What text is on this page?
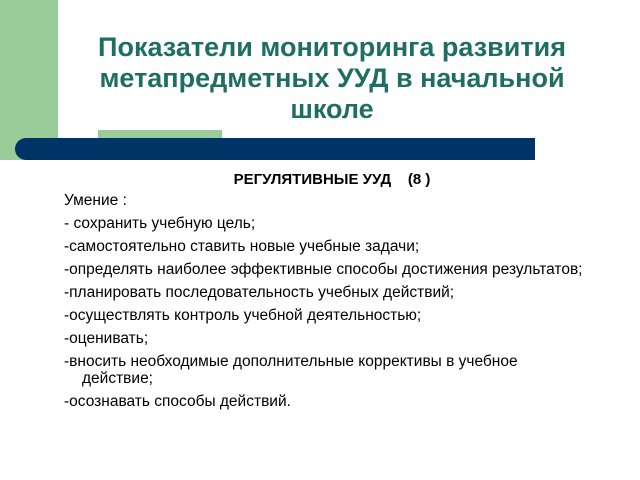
Показатели мониторинга развития метапредметных УУД в начальной школе
РЕГУЛЯТИВНЫЕ УУД    (8 )
Умение :
- сохранить учебную цель;
-самостоятельно ставить новые учебные задачи;
-определять наиболее эффективные способы достижения результатов;
-планировать последовательность учебных действий;
-осуществлять контроль учебной деятельностью;
-оценивать;
-вносить необходимые дополнительные коррективы в учебное действие;
-осознавать способы действий.
